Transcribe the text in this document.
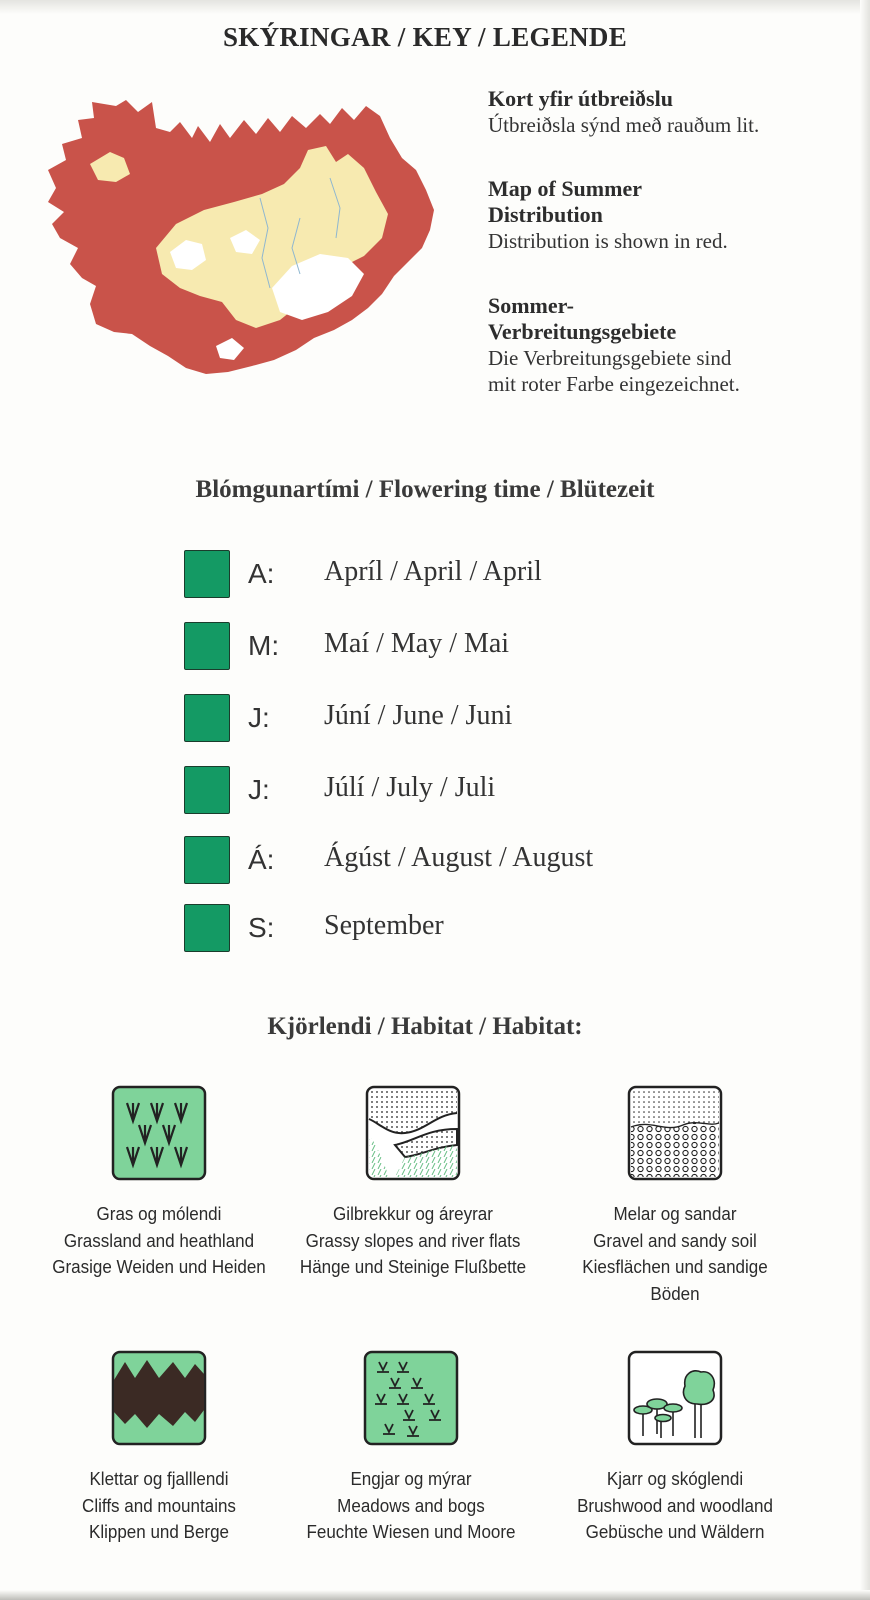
SKÝRINGAR / KEY / LEGENDE
Kort yfir útbreiðslu
Útbreiðsla sýnd með rauðum lit.
Map of Summer
Distribution
Distribution is shown in red.
Sommer-
Verbreitungsgebiete
Die Verbreitungsgebiete sind
mit roter Farbe eingezeichnet.
Blómgunartími / Flowering time / Blütezeit
A: Apríl / April / April
M: Maí / May / Mai
J: Júní / June / Juni
J: Júlí / July / Juli
Á: Ágúst / August / August
S: September
Kjörlendi / Habitat / Habitat:
Gras og mólendi
Grassland and heathland
Grasige Weiden und Heiden
Gilbrekkur og áreyrar
Grassy slopes and river flats
Hänge und Steinige Flußbette
Melar og sandar
Gravel and sandy soil
Kiesflächen und sandige
Böden
Klettar og fjalllendi
Cliffs and mountains
Klippen und Berge
Engjar og mýrar
Meadows and bogs
Feuchte Wiesen und Moore
Kjarr og skóglendi
Brushwood and woodland
Gebüsche und Wäldern
